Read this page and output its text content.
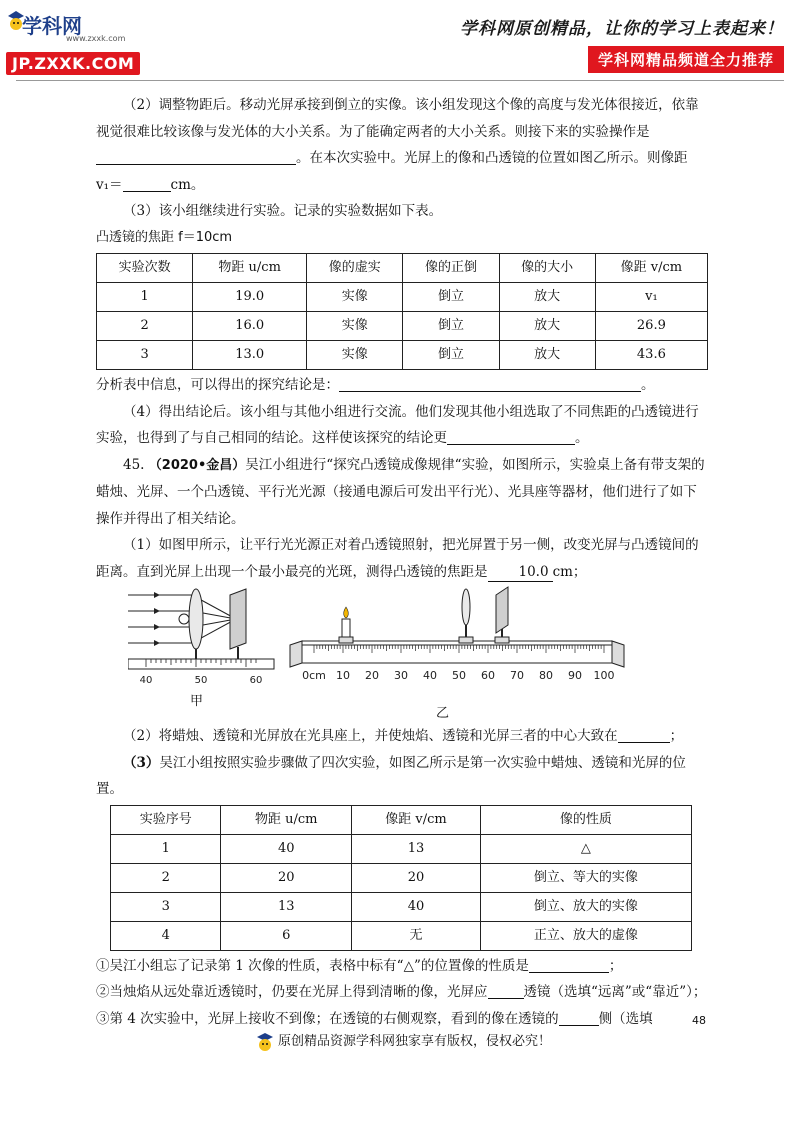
学科网
www.zxxk.com
JP.ZXXK.COM
学科网原创精品，让你的学习上表起来！
学科网精品频道全力推荐

（2）调整物距后。移动光屏承接到倒立的实像。该小组发现这个像的高度与发光体很接近，依靠视觉很难比较该像与发光体的大小关系。为了能确定两者的大小关系。则接下来的实验操作是。在本次实验中。光屏上的像和凸透镜的位置如图乙所示。则像距
v₁＝	cm。

（3）该小组继续进行实验。记录的实验数据如下表。

凸透镜的焦距 f＝10cm

实验次数	物距 u/cm	像的虚实	像的正倒	像的大小	像距 v/cm
1	19.0	实像	倒立	放大	v₁
2	16.0	实像	倒立	放大	26.9
3	13.0	实像	倒立	放大	43.6

分析表中信息，可以得出的探究结论是：	。

（4）得出结论后。该小组与其他小组进行交流。他们发现其他小组选取了不同焦距的凸透镜进行实验，也得到了与自己相同的结论。这样使该探究的结论更	。

45. （2020•金昌）吴江小组进行“探究凸透镜成像规律“实验，如图所示，实验桌上备有带支架的蜡烛、光屏、一个凸透镜、平行光光源（接通电源后可发出平行光）、光具座等器材，他们进行了如下操作并得出了相关结论。

（1）如图甲所示，让平行光光源正对着凸透镜照射，把光屏置于另一侧，改变光屏与凸透镜间的距离。直到光屏上出现一个最小最亮的光斑，测得凸透镜的焦距是 10.0 cm；

40	50	60
甲
0cm 10 20 30 40 50 60 70 80 90 100
乙

（2）将蜡烛、透镜和光屏放在光具座上，并使烛焰、透镜和光屏三者的中心大致在	；

（3）吴江小组按照实验步骤做了四次实验，如图乙所示是第一次实验中蜡烛、透镜和光屏的位置。

实验序号	物距 u/cm	像距 v/cm	像的性质
1	40	13	△
2	20	20	倒立、等大的实像
3	13	40	倒立、放大的实像
4	6	无	正立、放大的虚像

①吴江小组忘了记录第 1 次像的性质，表格中标有“△”的位置像的性质是	；

②当烛焰从远处靠近透镜时，仍要在光屏上得到清晰的像，光屏应	透镜（选填“远离”或“靠近”）；

③第 4 次实验中，光屏上接收不到像；在透镜的右侧观察，看到的像在透镜的	侧（选填	48
原创精品资源学科网独家享有版权，侵权必究！
